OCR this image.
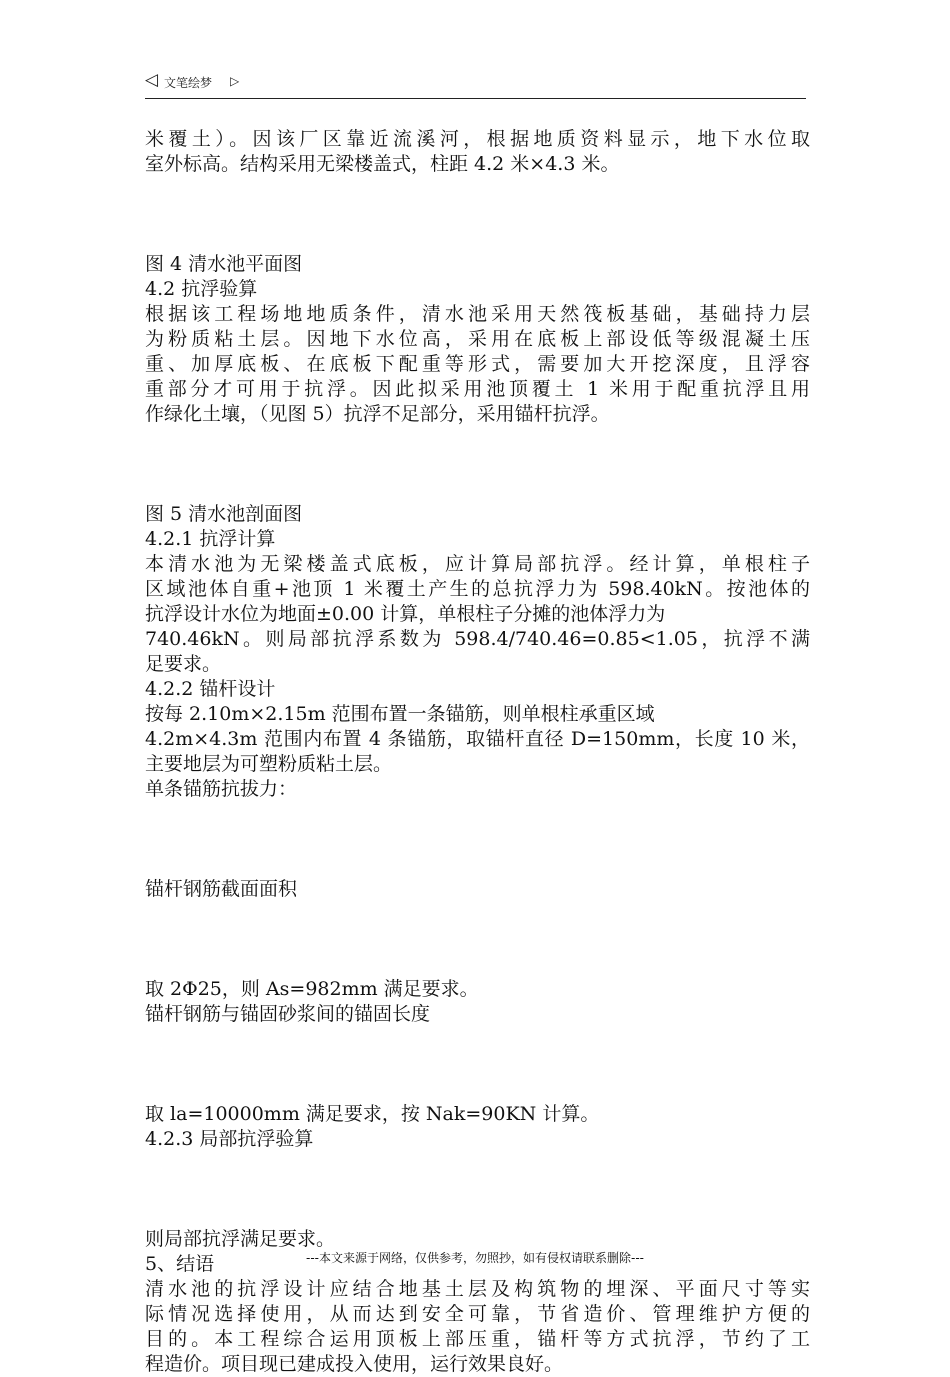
◁ 文笔绘梦 ▷
米覆土）。因该厂区靠近流溪河，根据地质资料显示，地下水位取
室外标高。结构采用无梁楼盖式，柱距 4.2 米×4.3 米。
图 4 清水池平面图
4.2 抗浮验算
根据该工程场地地质条件，清水池采用天然筏板基础，基础持力层
为粉质粘土层。因地下水位高，采用在底板上部设低等级混凝土压
重、加厚底板、在底板下配重等形式，需要加大开挖深度，且浮容
重部分才可用于抗浮。因此拟采用池顶覆土 1 米用于配重抗浮且用
作绿化土壤，（见图 5）抗浮不足部分，采用锚杆抗浮。
图 5 清水池剖面图
4.2.1 抗浮计算
本清水池为无梁楼盖式底板，应计算局部抗浮。经计算，单根柱子
区域池体自重+池顶 1 米覆土产生的总抗浮力为 598.40kN。按池体的
抗浮设计水位为地面±0.00 计算，单根柱子分摊的池体浮力为
740.46kN。则局部抗浮系数为 598.4/740.46=0.85<1.05，抗浮不满
足要求。
4.2.2 锚杆设计
按每 2.10m×2.15m 范围布置一条锚筋，则单根柱承重区域
4.2m×4.3m 范围内布置 4 条锚筋，取锚杆直径 D=150mm，长度 10 米，
主要地层为可塑粉质粘土层。
单条锚筋抗拔力：
锚杆钢筋截面面积
取 2Φ25，则 As=982mm 满足要求。
锚杆钢筋与锚固砂浆间的锚固长度
取 la=10000mm 满足要求，按 Nak=90KN 计算。
4.2.3 局部抗浮验算
则局部抗浮满足要求。
5、结语
清水池的抗浮设计应结合地基土层及构筑物的埋深、平面尺寸等实
际情况选择使用，从而达到安全可靠，节省造价、管理维护方便的
目的。本工程综合运用顶板上部压重，锚杆等方式抗浮，节约了工
程造价。项目现已建成投入使用，运行效果良好。
---本文来源于网络，仅供参考，勿照抄，如有侵权请联系删除---
